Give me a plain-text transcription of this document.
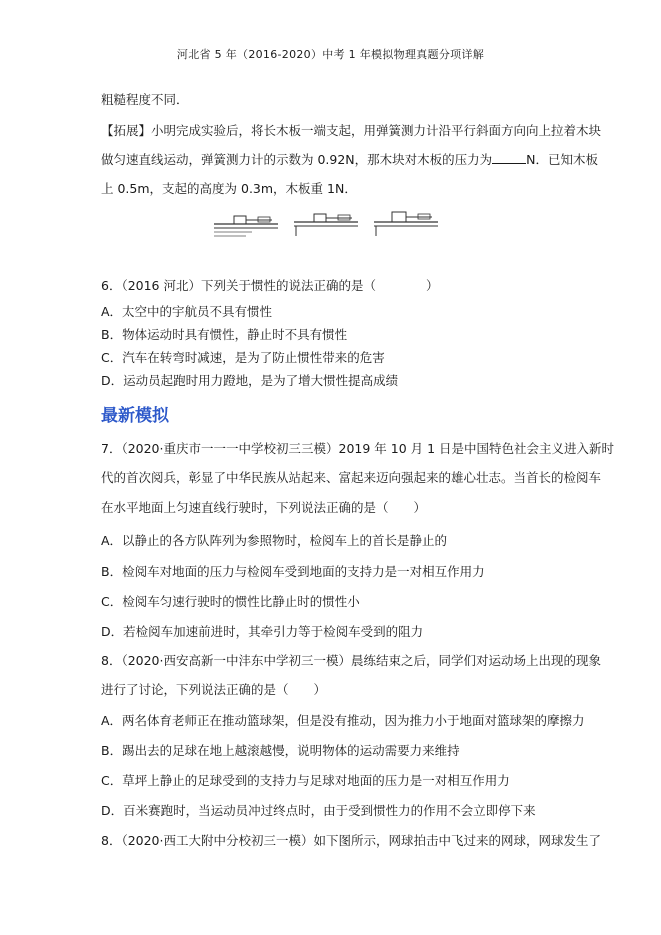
河北省 5 年（2016-2020）中考 1 年模拟物理真题分项详解
粗糙程度不同．
【拓展】小明完成实验后，将长木板一端支起，用弹簧测力计沿平行斜面方向向上拉着木块
做匀速直线运动，弹簧测力计的示数为 0.92N，那木块对木板的压力为	N．已知木板
上 0.5m，支起的高度为 0.3m，木板重 1N．
6．（2016 河北）下列关于惯性的说法正确的是（　　　　）
A．太空中的宇航员不具有惯性
B．物体运动时具有惯性，静止时不具有惯性
C．汽车在转弯时减速，是为了防止惯性带来的危害
D．运动员起跑时用力蹬地，是为了增大惯性提高成绩
最新模拟
7．（2020·重庆市一一一中学校初三三模）2019 年 10 月 1 日是中国特色社会主义进入新时
代的首次阅兵，彰显了中华民族从站起来、富起来迈向强起来的雄心壮志。当首长的检阅车
在水平地面上匀速直线行驶时，下列说法正确的是（　　）
A．以静止的各方队阵列为参照物时，检阅车上的首长是静止的
B．检阅车对地面的压力与检阅车受到地面的支持力是一对相互作用力
C．检阅车匀速行驶时的惯性比静止时的惯性小
D．若检阅车加速前进时，其牵引力等于检阅车受到的阻力
8．（2020·西安高新一中沣东中学初三一模）晨练结束之后，同学们对运动场上出现的现象
进行了讨论，下列说法正确的是（　　）
A．两名体育老师正在推动篮球架，但是没有推动，因为推力小于地面对篮球架的摩擦力
B．踢出去的足球在地上越滚越慢，说明物体的运动需要力来维持
C．草坪上静止的足球受到的支持力与足球对地面的压力是一对相互作用力
D．百米赛跑时，当运动员冲过终点时，由于受到惯性力的作用不会立即停下来
8．（2020·西工大附中分校初三一模）如下图所示，网球拍击中飞过来的网球，网球发生了
